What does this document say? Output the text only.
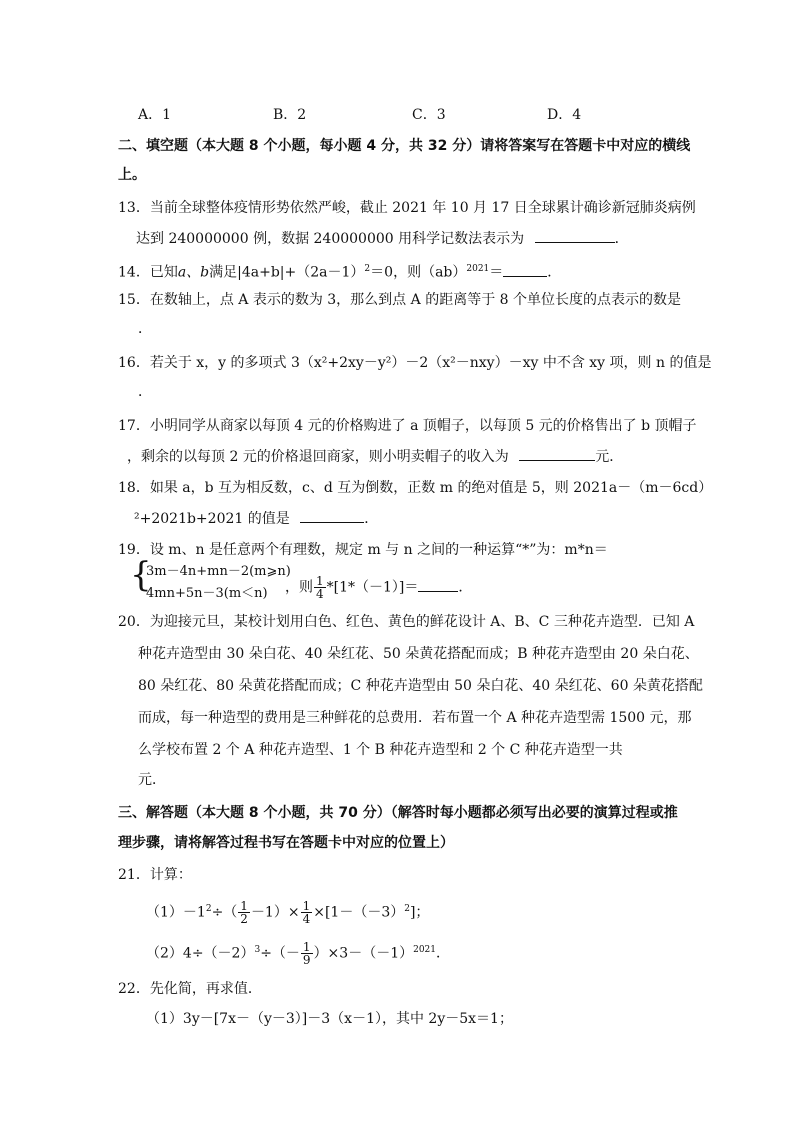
A．1	B．2	C．3	D．4
二、填空题（本大题 8 个小题，每小题 4 分，共 32 分）请将答案写在答题卡中对应的横线
上。
13．当前全球整体疫情形势依然严峻，截止 2021 年 10 月 17 日全球累计确诊新冠肺炎病例
达到 240000000 例，数据 240000000 用科学记数法表示为	．
14．已知a、b满足$|4a+b|+(2a-1)^2=0$，则（ab）$^{2021}$＝	．
15．在数轴上，点 A 表示的数为 3，那么到点 A 的距离等于 8 个单位长度的点表示的数是
．
16．若关于 x，y 的多项式 3（x²+2xy－y²）－2（x²－nxy）－xy 中不含 xy 项，则 n 的值是
．
17．小明同学从商家以每顶 4 元的价格购进了 a 顶帽子，以每顶 5 元的价格售出了 b 顶帽子
，剩余的以每顶 2 元的价格退回商家，则小明卖帽子的收入为	元．
18．如果 a，b 互为相反数，c、d 互为倒数，正数 m 的绝对值是 5，则 2021a－（m－6cd）
²+2021b+2021 的值是	．
19．设 m、n 是任意两个有理数，规定 m 与 n 之间的一种运算“*”为：m*n＝
{
3m－4n+mn－2(m⩾n)
4mn+5n－3(m＜n) ，则 $\frac{1}{4} *[1*(-1)]=$	．
20．为迎接元旦，某校计划用白色、红色、黄色的鲜花设计 A、B、C 三种花卉造型．已知 A
种花卉造型由 30 朵白花、40 朵红花、50 朵黄花搭配而成；B 种花卉造型由 20 朵白花、
80 朵红花、80 朵黄花搭配而成；C 种花卉造型由 50 朵白花、40 朵红花、60 朵黄花搭配
而成，每一种造型的费用是三种鲜花的总费用．若布置一个 A 种花卉造型需 1500 元，那
么学校布置 2 个 A 种花卉造型、1 个 B 种花卉造型和 2 个 C 种花卉造型一共
元．
三、解答题（本大题 8 个小题，共 70 分）（解答时每小题都必须写出必要的演算过程或推
理步骤，请将解答过程书写在答题卡中对应的位置上）
21．计算：
$(1)-1^2\div( \frac{1}{2} -1)\times \frac{1}{4} \times[1-(-3)^2]$；
$(2)4\div(-2)^3\div(- \frac{1}{9} )\times 3-(-1)^{2021}$．
22．先化简，再求值．
（1）3y－[7x－（y－3）]－3（x－1），其中 2y－5x＝1；
